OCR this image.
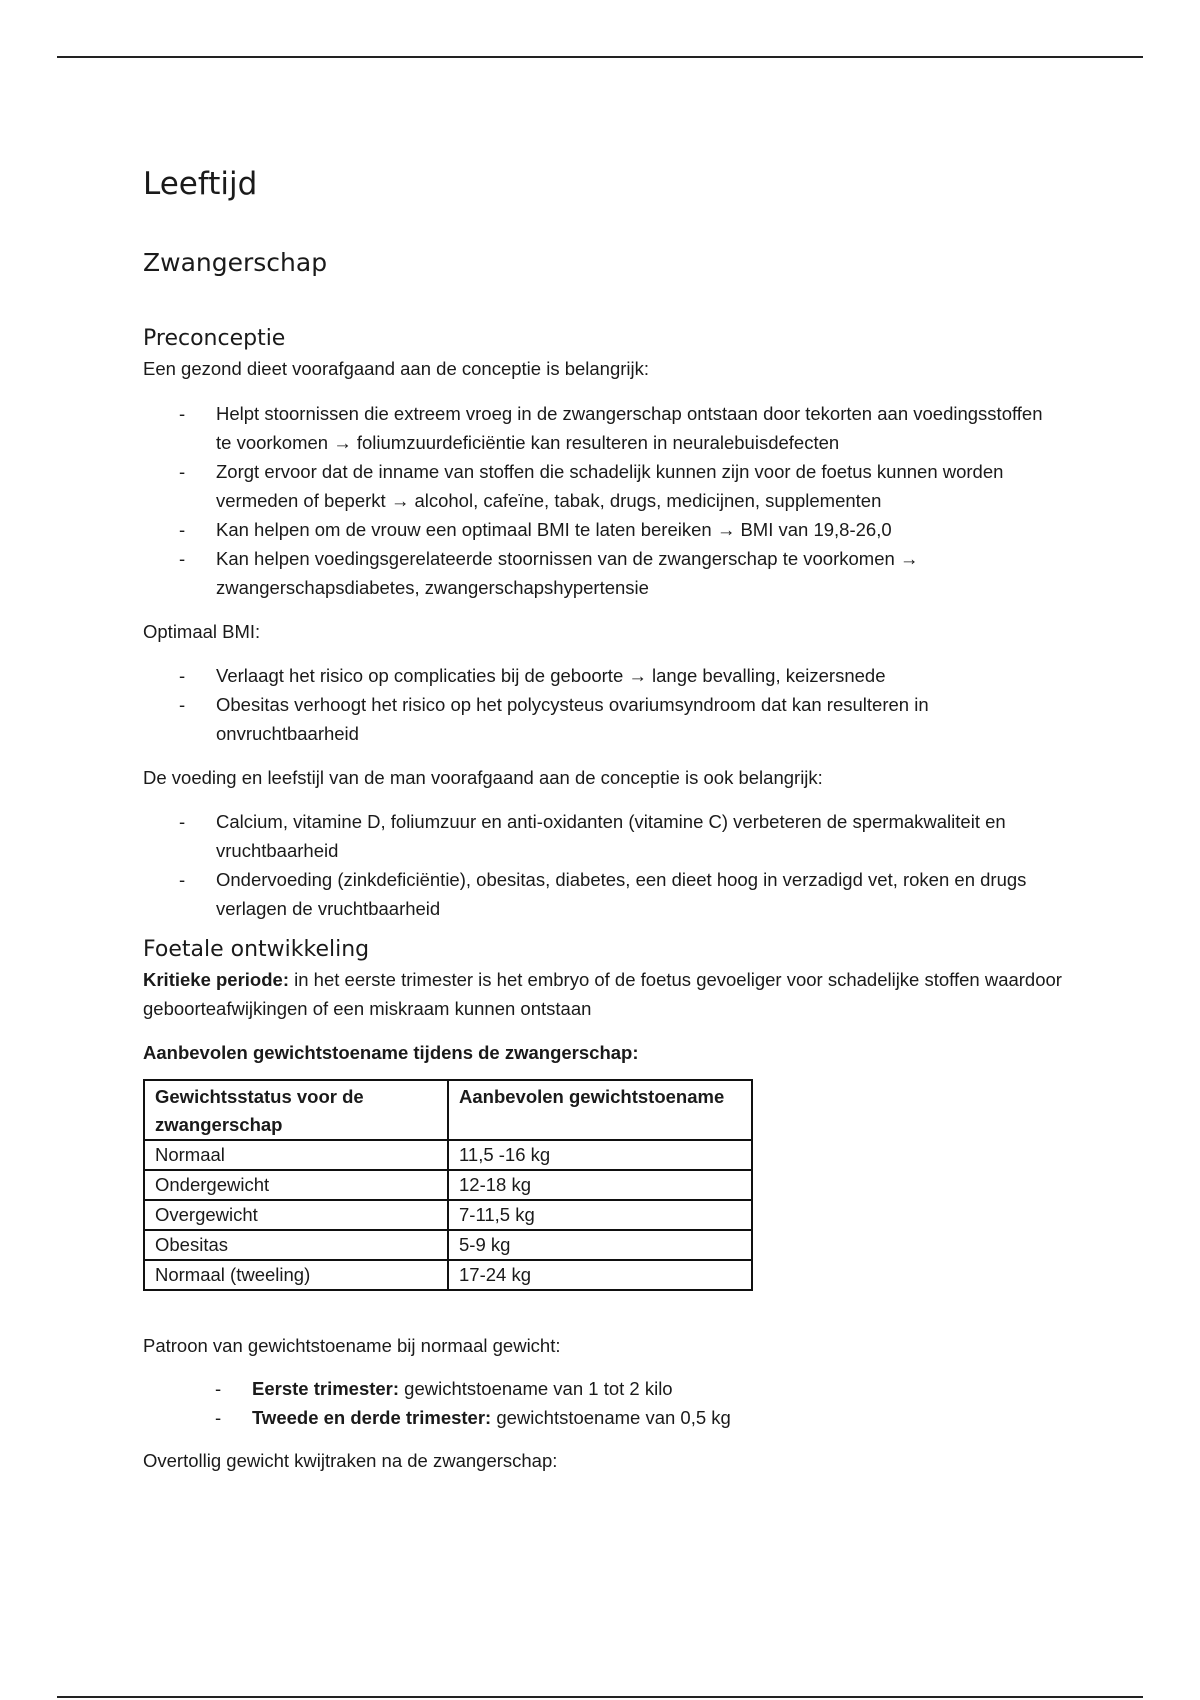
Leeftijd
Zwangerschap
Preconceptie

Een gezond dieet voorafgaand aan de conceptie is belangrijk:

- Helpt stoornissen die extreem vroeg in de zwangerschap ontstaan door tekorten aan voedingsstoffen te voorkomen → foliumzuurdeficiëntie kan resulteren in neuralebuisdefecten
- Zorgt ervoor dat de inname van stoffen die schadelijk kunnen zijn voor de foetus kunnen worden vermeden of beperkt → alcohol, cafeïne, tabak, drugs, medicijnen, supplementen
- Kan helpen om de vrouw een optimaal BMI te laten bereiken → BMI van 19,8-26,0
- Kan helpen voedingsgerelateerde stoornissen van de zwangerschap te voorkomen → zwangerschapsdiabetes, zwangerschapshypertensie

Optimaal BMI:

- Verlaagt het risico op complicaties bij de geboorte → lange bevalling, keizersnede
- Obesitas verhoogt het risico op het polycysteus ovariumsyndroom dat kan resulteren in onvruchtbaarheid

De voeding en leefstijl van de man voorafgaand aan de conceptie is ook belangrijk:

- Calcium, vitamine D, foliumzuur en anti-oxidanten (vitamine C) verbeteren de spermakwaliteit en vruchtbaarheid
- Ondervoeding (zinkdeficiëntie), obesitas, diabetes, een dieet hoog in verzadigd vet, roken en drugs verlagen de vruchtbaarheid
Foetale ontwikkeling

Kritieke periode: in het eerste trimester is het embryo of de foetus gevoeliger voor schadelijke stoffen waardoor geboorteafwijkingen of een miskraam kunnen ontstaan

Aanbevolen gewichtstoename tijdens de zwangerschap:

Gewichtsstatus voor de zwangerschap	Aanbevolen gewichtstoename
Normaal	11,5 -16 kg
Ondergewicht	12-18 kg
Overgewicht	7-11,5 kg
Obesitas	5-9 kg
Normaal (tweeling)	17-24 kg

Patroon van gewichtstoename bij normaal gewicht:

- Eerste trimester: gewichtstoename van 1 tot 2 kilo
- Tweede en derde trimester: gewichtstoename van 0,5 kg

Overtollig gewicht kwijtraken na de zwangerschap:
